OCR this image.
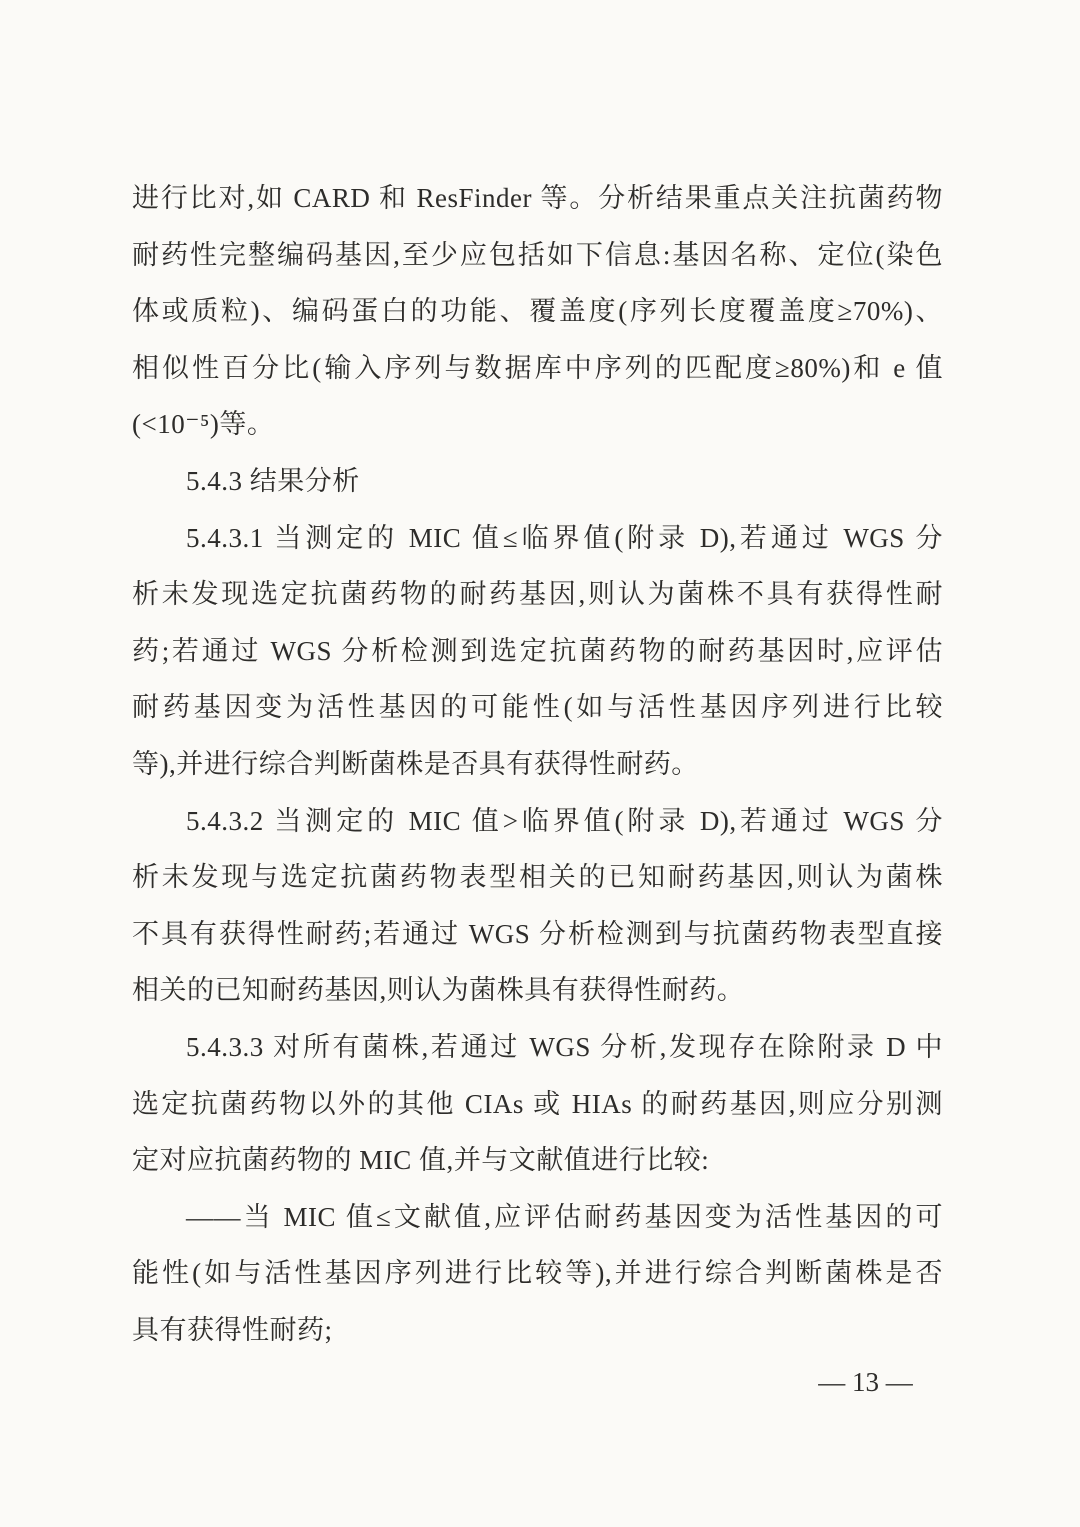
进行比对,如 CARD 和 ResFinder 等。分析结果重点关注抗菌药物
耐药性完整编码基因,至少应包括如下信息:基因名称、定位(染色
体或质粒)、编码蛋白的功能、覆盖度(序列长度覆盖度≥70%)、
相似性百分比(输入序列与数据库中序列的匹配度≥80%)和 e 值
(<10⁻⁵)等。
5.4.3 结果分析
5.4.3.1 当测定的 MIC 值≤临界值(附录 D),若通过 WGS 分
析未发现选定抗菌药物的耐药基因,则认为菌株不具有获得性耐
药;若通过 WGS 分析检测到选定抗菌药物的耐药基因时,应评估
耐药基因变为活性基因的可能性(如与活性基因序列进行比较
等),并进行综合判断菌株是否具有获得性耐药。
5.4.3.2 当测定的 MIC 值>临界值(附录 D),若通过 WGS 分
析未发现与选定抗菌药物表型相关的已知耐药基因,则认为菌株
不具有获得性耐药;若通过 WGS 分析检测到与抗菌药物表型直接
相关的已知耐药基因,则认为菌株具有获得性耐药。
5.4.3.3 对所有菌株,若通过 WGS 分析,发现存在除附录 D 中
选定抗菌药物以外的其他 CIAs 或 HIAs 的耐药基因,则应分别测
定对应抗菌药物的 MIC 值,并与文献值进行比较:
——当 MIC 值≤文献值,应评估耐药基因变为活性基因的可
能性(如与活性基因序列进行比较等),并进行综合判断菌株是否
具有获得性耐药;
— 13 —
